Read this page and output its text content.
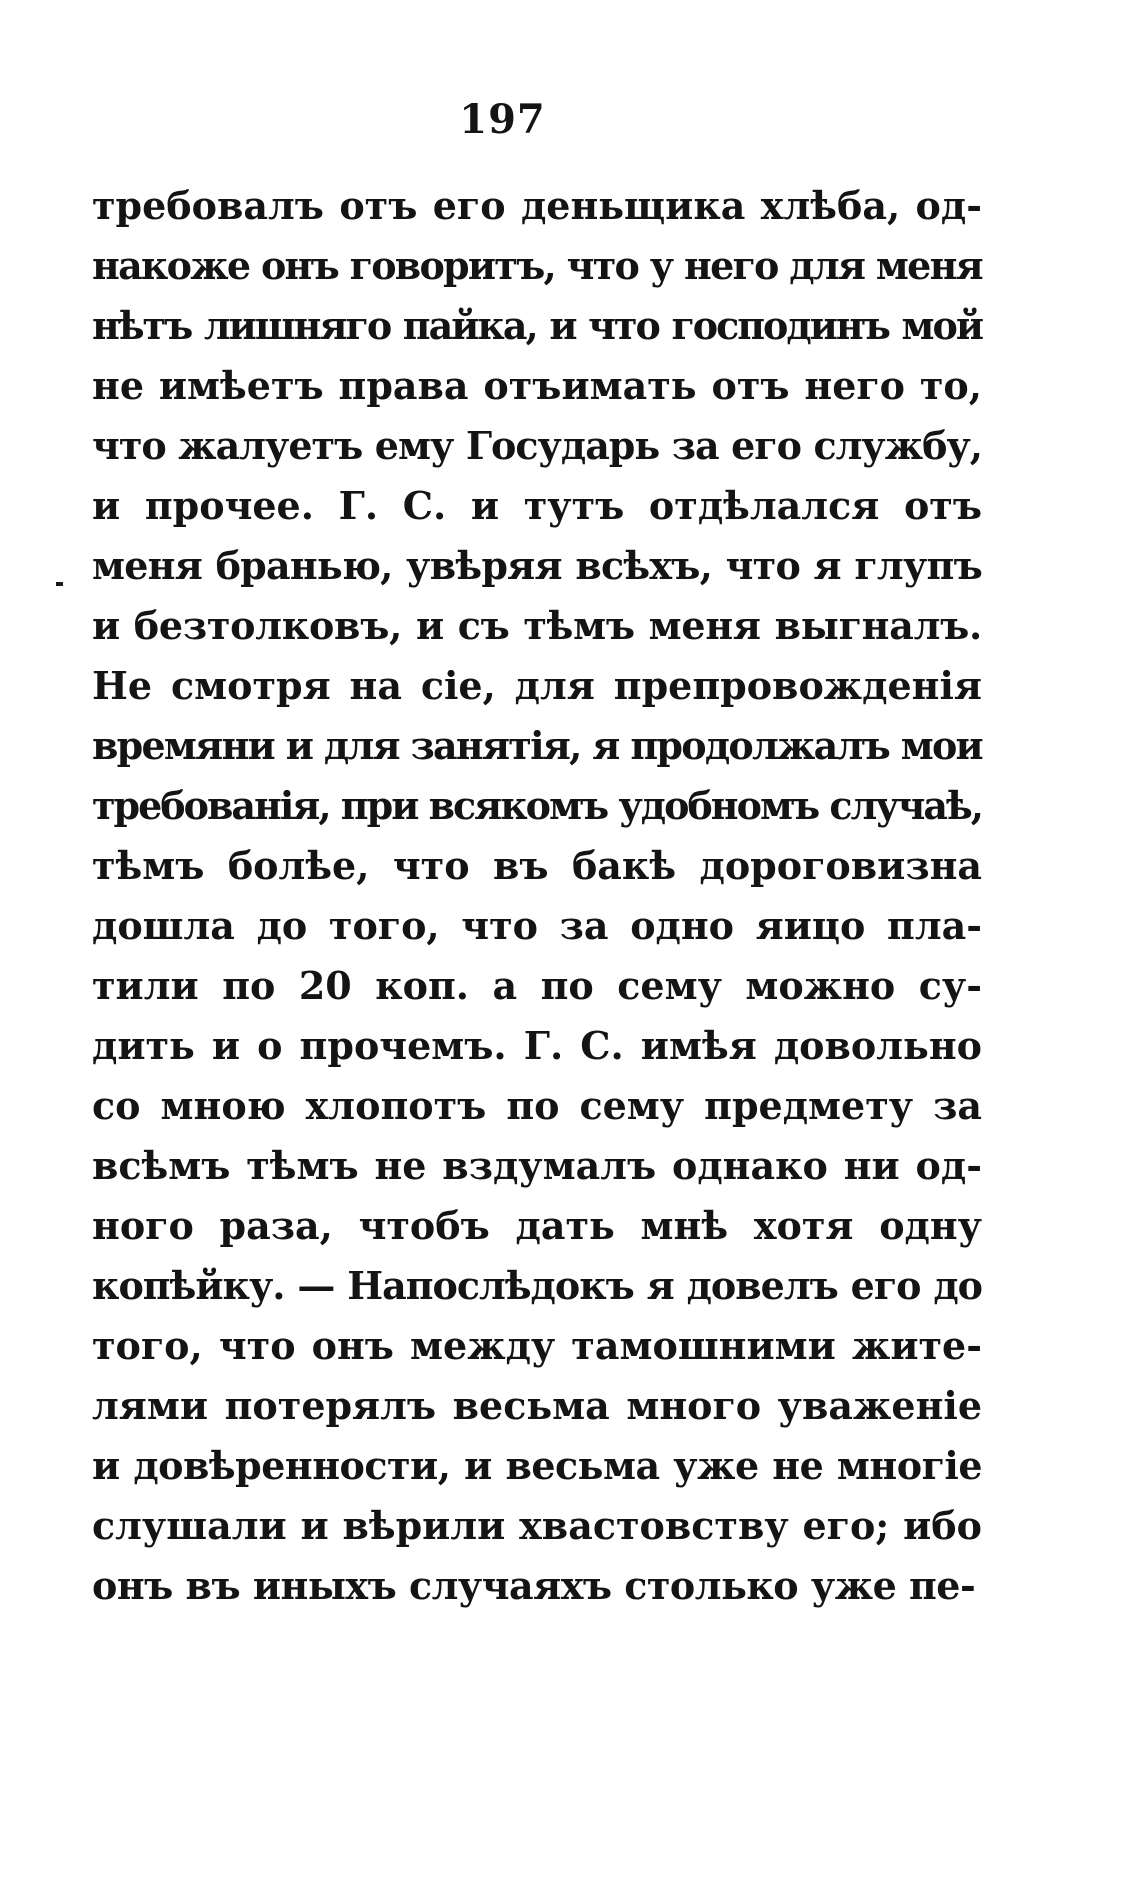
197
требовалъ отъ его деньщика хлѣба, од-
накоже онъ говоритъ, что у него для меня
нѣтъ лишняго пайка, и что господинъ мой
не имѣетъ права отъимать отъ него то,
что жалуетъ ему Государь за его службу,
и прочее. Г. С. и тутъ отдѣлался отъ
меня бранью, увѣряя всѣхъ, что я глупъ
и безтолковъ, и съ тѣмъ меня выгналъ.
Не смотря на сіе, для препровожденія
времяни и для занятія, я продолжалъ мои
требованія, при всякомъ удобномъ случаѣ,
тѣмъ болѣе, что въ бакѣ дороговизна
дошла до того, что за одно яицо пла-
тили по 20 коп. а по сему можно су-
дить и о прочемъ. Г. С. имѣя довольно
со мною хлопотъ по сему предмету за
всѣмъ тѣмъ не вздумалъ однако ни од-
ного раза, чтобъ дать мнѣ хотя одну
копѣйку. — Напослѣдокъ я довелъ его до
того, что онъ между тамошними жите-
лями потерялъ весьма много уваженіе
и довѣренности, и весьма уже не многіе
слушали и вѣрили хвастовству его; ибо
онъ въ иныхъ случаяхъ столько уже пе-
